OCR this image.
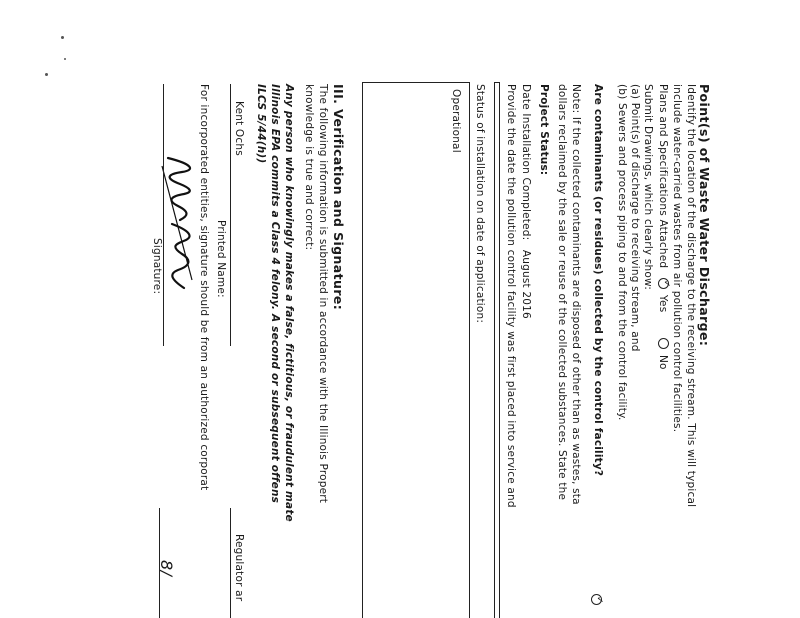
Point(s) of Waste Water Discharge:
Identify the location of the discharge to the receiving stream. This will typical
include water-carried wastes from air pollution control facilities.
Plans and Specifications Attached ✓Yes No
Submit Drawings, which clearly show:
(a) Point(s) of discharge to receiving stream, and
(b) Sewers and process piping to and from the control facility.
Are contaminants (or residues) collected by the control facility?
✓
Note: If the collected contaminants are disposed of other than as wastes, sta
dollars reclaimed by the sale or reuse of the collected substances. State the
Project Status:
Date Installation Completed: August 2016
Provide the date the pollution control facility was first placed into service and
Status of installation on date of application:
Operational
III. Verification and Signature:
The following information is submitted in accordance with the Illinois Propert
knowledge is true and correct:
Any person who knowingly makes a false, fictitious, or fraudulent mate
Illinois EPA commits a Class 4 felony. A second or subsequent offens
ILCS 5/44(h))
Kent Ochs
Printed Name:
Regulator ar
Signature:
8/
For incorporated entities, signature should be from an authorized corporat
